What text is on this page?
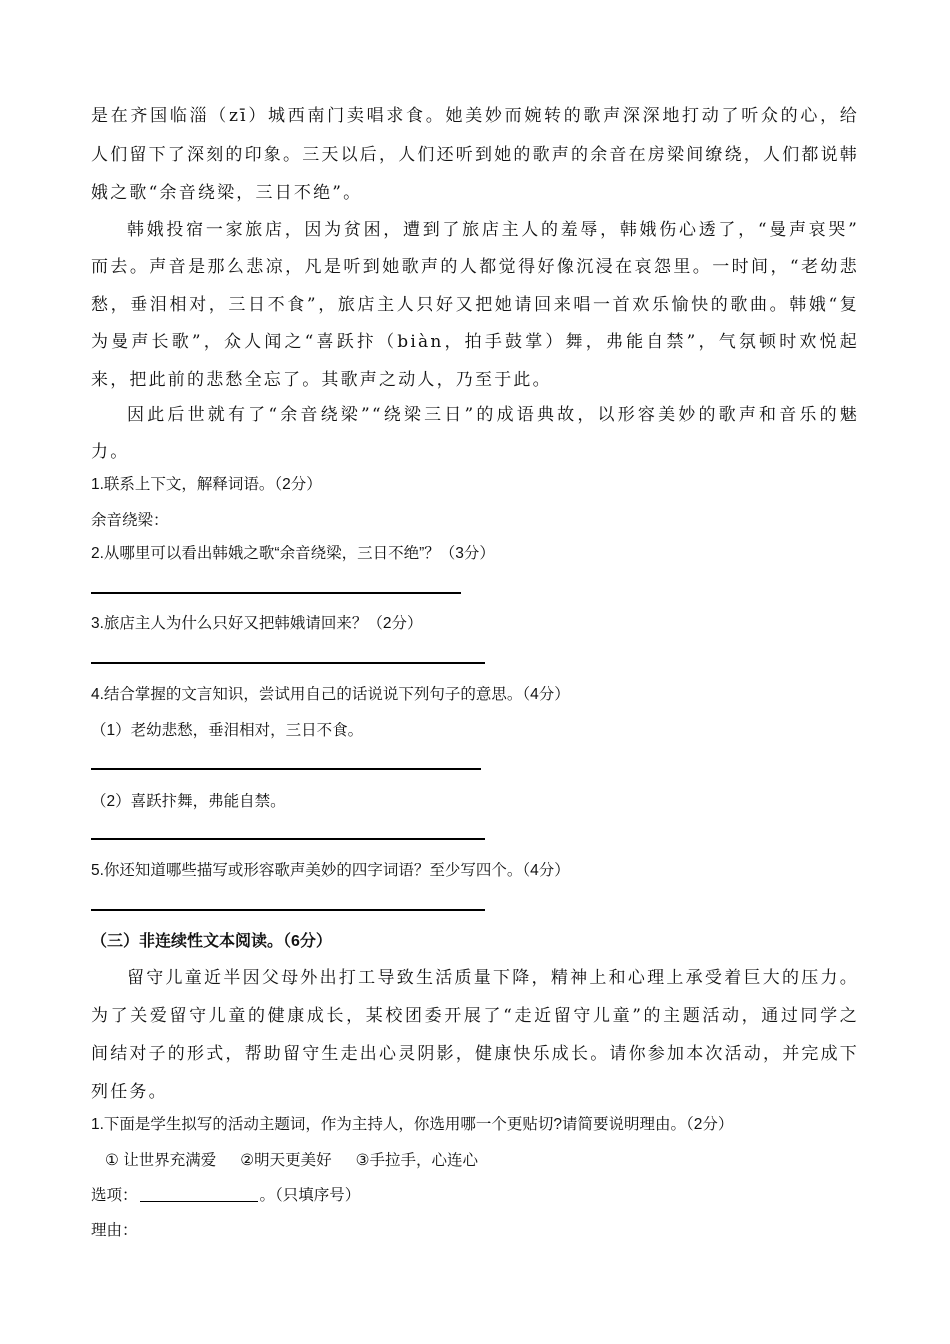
是在齐国临淄（zī）城西南门卖唱求食。她美妙而婉转的歌声深深地打动了听众的心，给
人们留下了深刻的印象。三天以后，人们还听到她的歌声的余音在房梁间缭绕，人们都说韩
娥之歌“余音绕梁，三日不绝”。
韩娥投宿一家旅店，因为贫困，遭到了旅店主人的羞辱，韩娥伤心透了，“曼声哀哭”
而去。声音是那么悲凉，凡是听到她歌声的人都觉得好像沉浸在哀怨里。一时间，“老幼悲
愁，垂泪相对，三日不食”，旅店主人只好又把她请回来唱一首欢乐愉快的歌曲。韩娥“复
为曼声长歌”，众人闻之“喜跃抃（biàn，拍手鼓掌）舞，弗能自禁”，气氛顿时欢悦起
来，把此前的悲愁全忘了。其歌声之动人，乃至于此。
因此后世就有了“余音绕梁”“绕梁三日”的成语典故，以形容美妙的歌声和音乐的魅
力。
1.联系上下文，解释词语。（2分）
余音绕梁：
2.从哪里可以看出韩娥之歌“余音绕梁，三日不绝”？（3分）
3.旅店主人为什么只好又把韩娥请回来？（2分）
4.结合掌握的文言知识，尝试用自己的话说说下列句子的意思。（4分）
（1）老幼悲愁，垂泪相对，三日不食。
（2）喜跃抃舞，弗能自禁。
5.你还知道哪些描写或形容歌声美妙的四字词语？至少写四个。（4分）
（三）非连续性文本阅读。（6分）
留守儿童近半因父母外出打工导致生活质量下降，精神上和心理上承受着巨大的压力。
为了关爱留守儿童的健康成长，某校团委开展了“走近留守儿童”的主题活动，通过同学之
间结对子的形式，帮助留守生走出心灵阴影，健康快乐成长。请你参加本次活动，并完成下
列任务。
1.下面是学生拟写的活动主题词，作为主持人，你选用哪一个更贴切?请简要说明理由。（2分）
① 让世界充满爱 ②明天更美好 ③手拉手，心连心
选项：	。（只填序号）
理由：
